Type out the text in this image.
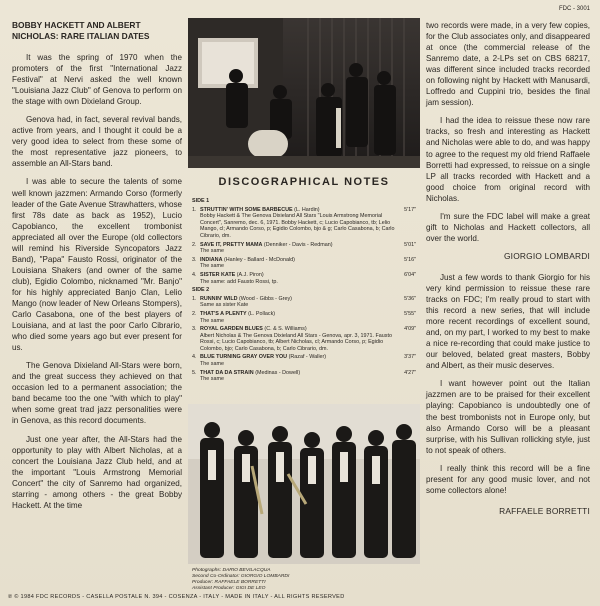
FDC - 3001
BOBBY HACKETT AND ALBERT NICHOLAS: RARE ITALIAN DATES

It was the spring of 1970 when the promoters of the first "International Jazz Festival" at Nervi asked the well known "Louisiana Jazz Club" of Genova to perform on the stage with own Dixieland Group.

Genova had, in fact, several revival bands, active from years, and I thought it could be a very good idea to select from these some of the most representative jazz pioneers, to assemble an All-Stars band.

I was able to secure the talents of some well known jazzmen: Armando Corso (formerly leader of the Gate Avenue Strawhatters, whose first 78s date as back as 1952), Lucio Capobianco, the excellent trombonist appreciated all over the Europe (old collectors will remind his Riverside Syncopators Jazz Band), "Papa" Fausto Rossi, originator of the Louisiana Shakers (and owner of the same club), Egidio Colombo, nicknamed "Mr. Banjo" for his highly appreciated Banjo Clan, Lelio Mango (now leader of New Orleans Stompers), Carlo Casabona, one of the best players of Louisiana, and at last the poor Carlo Cibrario, who died some years ago but ever present for us.

The Genova Dixieland All-Stars were born, and the great success they achieved on that occasion led to a permanent association; the band became too the one "with which to play" when some great trad jazz personalities were in Genova, as this record documents.

Just one year after, the All-Stars had the opportunity to play with Albert Nicholas, at a concert the Louisiana Jazz Club held, and at the important "Louis Armstrong Memorial Concert" the city of Sanremo had organized, starring - among others - the great Bobby Hackett. At the time

DISCOGRAPHICAL NOTES
SIDE 1
1. STRUTTIN' WITH SOME BARBECUE (L. Hardin)	5'17"
Bobby Hackett & The Genova Dixieland All Stars "Louis Armstrong Memorial Concert", Sanremo, dec. 6, 1971. Bobby Hackett, c; Lucio Capobianco, tb; Lelio Mango, cl; Armando Corso, p; Egidio Colombo, bjo & g; Carlo Casabona, b; Carlo Cibrario, dm.
2. SAVE IT, PRETTY MAMA (Denniker - Davis - Redman)	5'01"
The same
3. INDIANA (Hanley - Ballard - McDonald)	5'16"
The same
4. SISTER KATE (A.J. Piron)	6'04"
The same: add Fausto Rossi, tp.
SIDE 2
1. RUNNIN' WILD (Wood - Gibbs - Grey)	5'36"
Same as sister Kate
2. THAT'S A PLENTY (L. Pollack)	5'55"
The same
3. ROYAL GARDEN BLUES (C. & S. Williams)	4'09"
Albert Nicholas & The Genova Dixieland All Stars - Genova, apr. 3, 1971. Fausto Rossi, c; Lucio Capobianco, tb; Albert Nicholas, cl; Armando Corso, p; Egidio Colombo, bjo; Carlo Casabona, b; Carlo Cibrario, dm.
4. BLUE TURNING GRAY OVER YOU (Razaf - Waller)	3'37"
The same
5. THAT DA DA STRAIN (Medinas - Dowell)	4'27"
The same
Photographs: DARIO BEVILACQUA
Second Co-Ordinator: GIORGIO LOMBARDI
Producer: RAFFAELE BORRETTI
Assistant Producer: GIGI DE LEO

two records were made, in a very few copies, for the Club associates only, and disappeared at once (the commercial release of the Sanremo date, a 2-LPs set on CBS 68217, was different since included tracks recorded on following night by Hackett with Manusardi, Loffredo and Cuppini trio, besides the final jam session).

I had the idea to reissue these now rare tracks, so fresh and interesting as Hackett and Nicholas were able to do, and was happy to agree to the request my old friend Raffaele Borretti had expressed, to reissue on a single LP all tracks recorded with Hackett and a good choice from original record with Nicholas.

I'm sure the FDC label will make a great gift to Nicholas and Hackett collectors, all over the world.

GIORGIO LOMBARDI

Just a few words to thank Giorgio for his very kind permission to reissue these rare tracks on FDC; I'm really proud to start with this record a new series, that will include more recent recordings of excellent sound, and, on my part, I worked to my best to make a nice re-recording that could make justice to our beloved, belated great masters, Bobby and Albert, as their music deserves.

I want however point out the Italian jazzmen are to be praised for their excellent playing: Capobianco is undoubtedly one of the best trombonists not in Europe only, but also Armando Corso will be a pleasant surprise, with his Sullivan rollicking style, just to not speak of others.

I really think this record will be a fine present for any good music lover, and not some collectors alone!

RAFFAELE BORRETTI
℗ © 1984 FDC RECORDS - CASELLA POSTALE N. 394 - COSENZA - ITALY - MADE IN ITALY - ALL RIGHTS RESERVED
